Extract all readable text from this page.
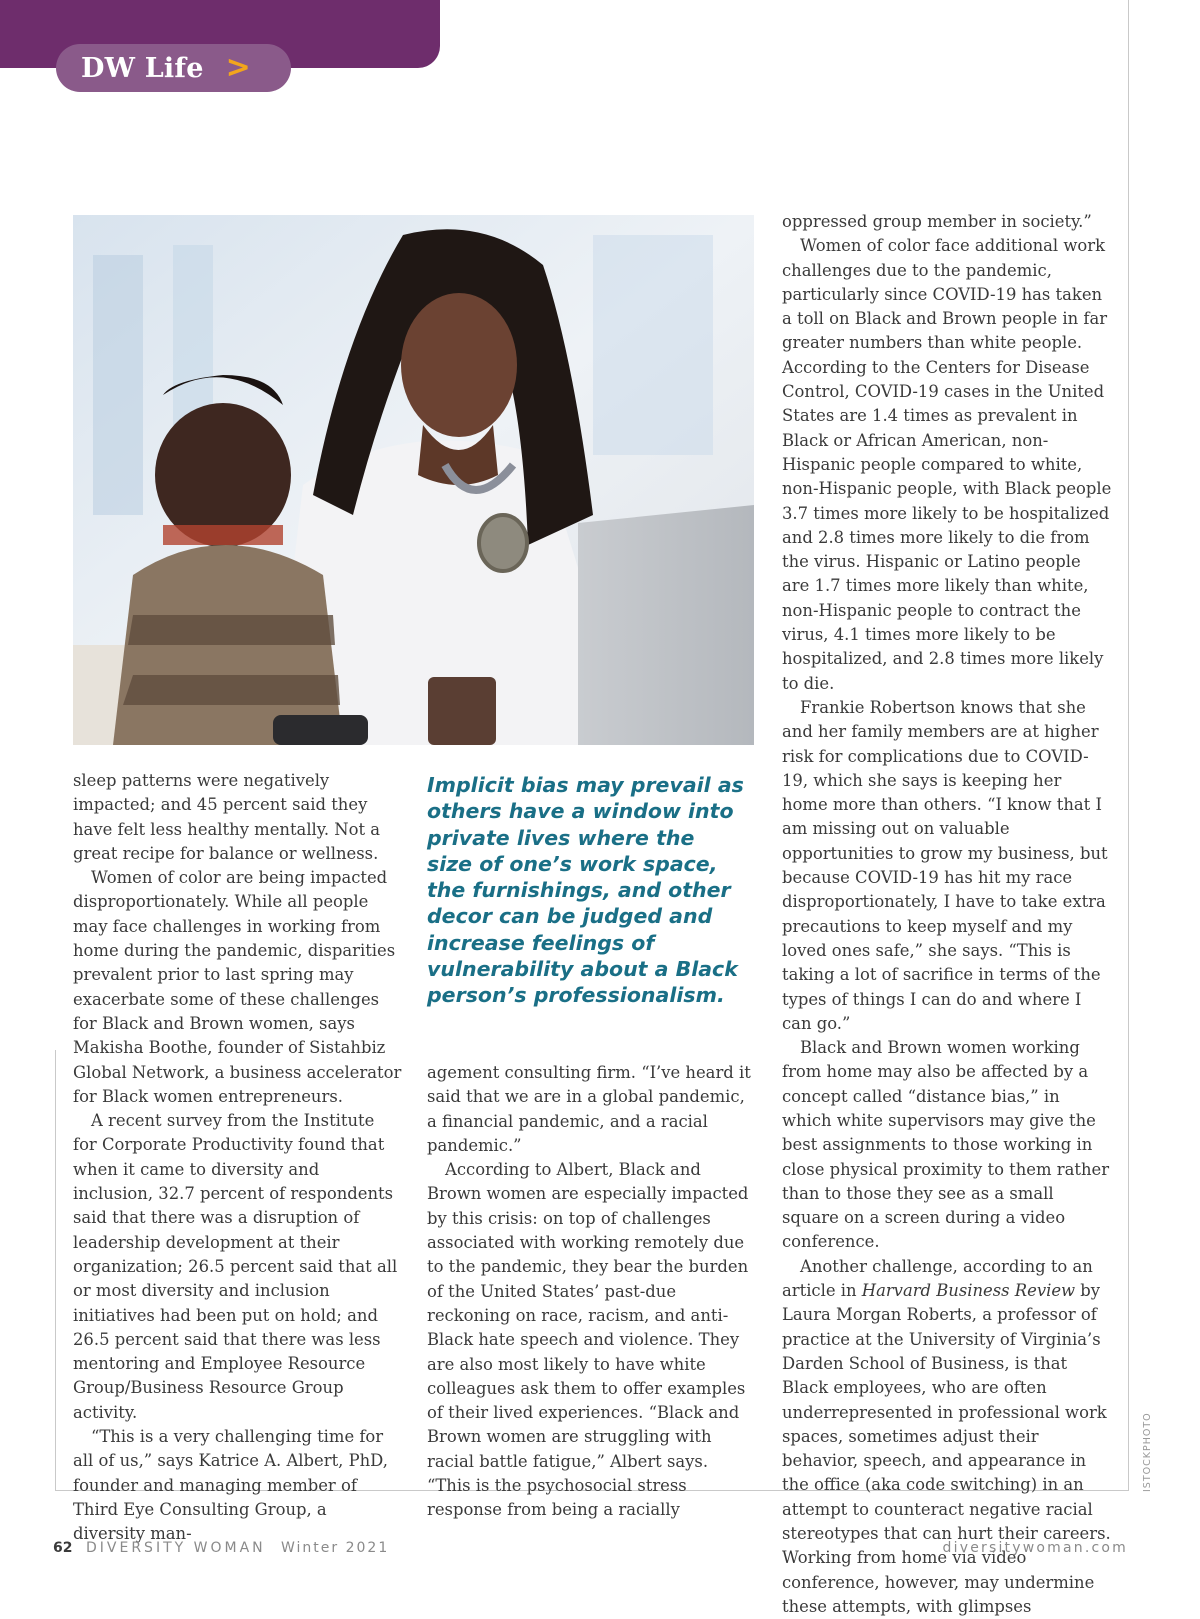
DW Life >

sleep patterns were negatively impacted; and 45 percent said they have felt less healthy mentally. Not a great recipe for balance or wellness.

Women of color are being impacted disproportionately. While all people may face challenges in working from home during the pandemic, disparities prevalent prior to last spring may exacerbate some of these challenges for Black and Brown women, says Makisha Boothe, founder of Sistahbiz Global Network, a business accelerator for Black women entrepreneurs.

A recent survey from the Institute for Corporate Productivity found that when it came to diversity and inclusion, 32.7 percent of respondents said that there was a disruption of leadership development at their organization; 26.5 percent said that all or most diversity and inclusion initiatives had been put on hold; and 26.5 percent said that there was less mentoring and Employee Resource Group/Business Resource Group activity.

“This is a very challenging time for all of us,” says Katrice A. Albert, PhD, founder and managing member of Third Eye Consulting Group, a diversity man-

Implicit bias may prevail as others have a window into private lives where the size of one’s work space, the furnishings, and other decor can be judged and increase feelings of vulnerability about a Black person’s professionalism.

agement consulting firm. “I’ve heard it said that we are in a global pandemic, a financial pandemic, and a racial pandemic.”

According to Albert, Black and Brown women are especially impacted by this crisis: on top of challenges associated with working remotely due to the pandemic, they bear the burden of the United States’ past-due reckoning on race, racism, and anti-Black hate speech and violence. They are also most likely to have white colleagues ask them to offer examples of their lived experiences. “Black and Brown women are struggling with racial battle fatigue,” Albert says. “This is the psychosocial stress response from being a racially

oppressed group member in society.”

Women of color face additional work challenges due to the pandemic, particularly since COVID-19 has taken a toll on Black and Brown people in far greater numbers than white people. According to the Centers for Disease Control, COVID-19 cases in the United States are 1.4 times as prevalent in Black or African American, non-Hispanic people compared to white, non-Hispanic people, with Black people 3.7 times more likely to be hospitalized and 2.8 times more likely to die from the virus. Hispanic or Latino people are 1.7 times more likely than white, non-Hispanic people to contract the virus, 4.1 times more likely to be hospitalized, and 2.8 times more likely to die.

Frankie Robertson knows that she and her family members are at higher risk for complications due to COVID-19, which she says is keeping her home more than others. “I know that I am missing out on valuable opportunities to grow my business, but because COVID-19 has hit my race disproportionately, I have to take extra precautions to keep myself and my loved ones safe,” she says. “This is taking a lot of sacrifice in terms of the types of things I can do and where I can go.”

Black and Brown women working from home may also be affected by a concept called “distance bias,” in which white supervisors may give the best assignments to those working in close physical proximity to them rather than to those they see as a small square on a screen during a video conference.

Another challenge, according to an article in Harvard Business Review by Laura Morgan Roberts, a professor of practice at the University of Virginia’s Darden School of Business, is that Black employees, who are often underrepresented in professional work spaces, sometimes adjust their behavior, speech, and appearance in the office (aka code switching) in an attempt to counteract negative racial stereotypes that can hurt their careers. Working from home via video conference, however, may undermine these attempts, with glimpses

ISTOCKPHOTO
62 DIVERSITY WOMAN Winter 2021	diversitywoman.com
